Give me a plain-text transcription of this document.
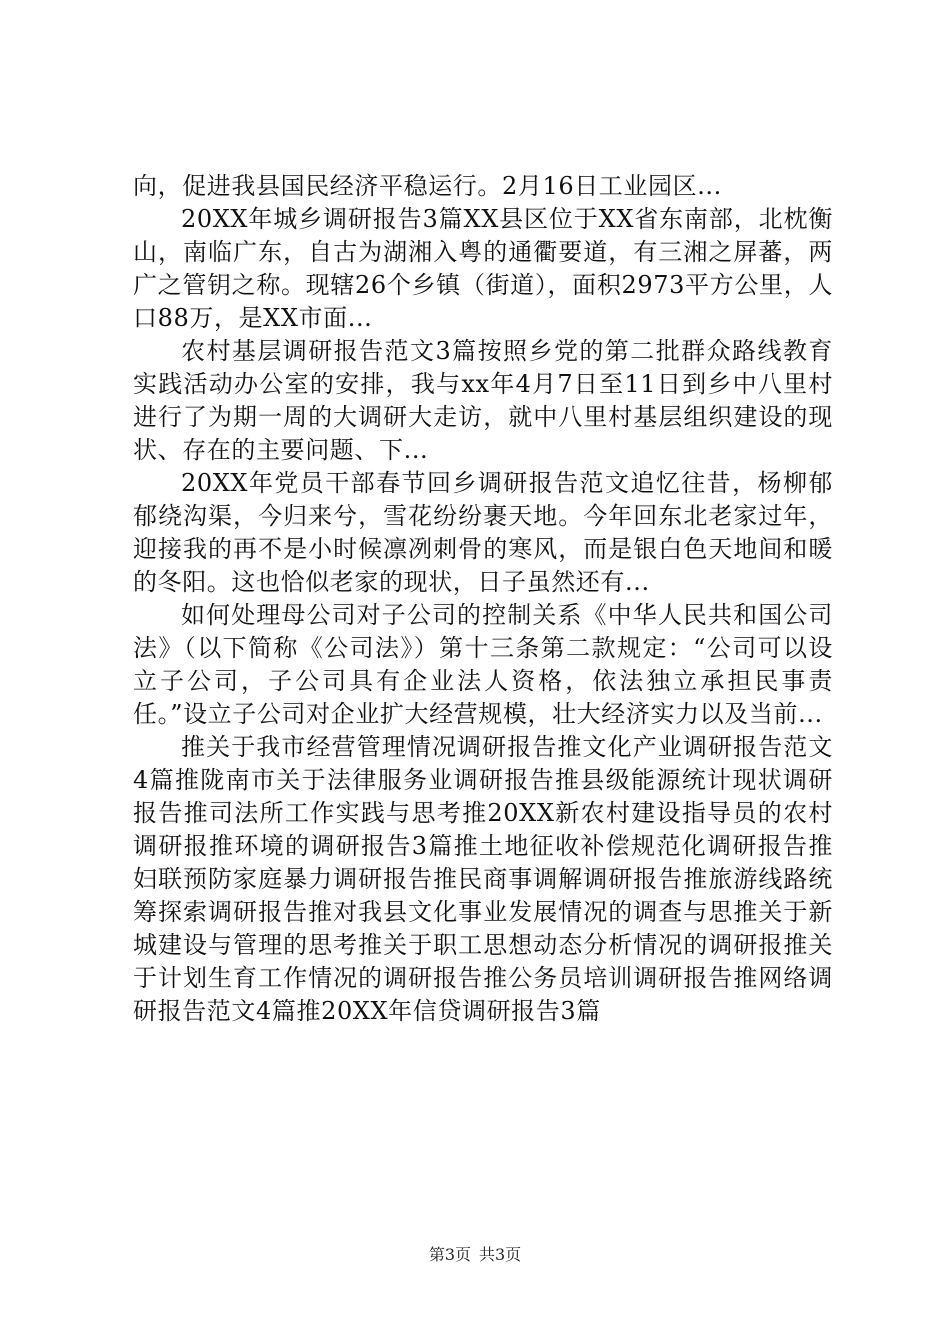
向，促进我县国民经济平稳运行。2月16日工业园区...

20XX年城乡调研报告3篇XX县区位于XX省东南部，北枕衡山，南临广东，自古为湖湘入粤的通衢要道，有三湘之屏蕃，两广之管钥之称。现辖26个乡镇（街道），面积2973平方公里，人口88万，是XX市面...

农村基层调研报告范文3篇按照乡党的第二批群众路线教育实践活动办公室的安排，我与xx年4月7日至11日到乡中八里村进行了为期一周的大调研大走访，就中八里村基层组织建设的现状、存在的主要问题、下...

20XX年党员干部春节回乡调研报告范文追忆往昔，杨柳郁郁绕沟渠，今归来兮，雪花纷纷裹天地。今年回东北老家过年，迎接我的再不是小时候凛冽刺骨的寒风，而是银白色天地间和暖的冬阳。这也恰似老家的现状，日子虽然还有...

如何处理母公司对子公司的控制关系《中华人民共和国公司法》（以下简称《公司法》）第十三条第二款规定：“公司可以设立子公司，子公司具有企业法人资格，依法独立承担民事责任。”设立子公司对企业扩大经营规模，壮大经济实力以及当前...

推关于我市经营管理情况调研报告推文化产业调研报告范文4篇推陇南市关于法律服务业调研报告推县级能源统计现状调研报告推司法所工作实践与思考推20XX新农村建设指导员的农村调研报推环境的调研报告3篇推土地征收补偿规范化调研报告推妇联预防家庭暴力调研报告推民商事调解调研报告推旅游线路统筹探索调研报告推对我县文化事业发展情况的调查与思推关于新城建设与管理的思考推关于职工思想动态分析情况的调研报推关于计划生育工作情况的调研报告推公务员培训调研报告推网络调研报告范文4篇推20XX年信贷调研报告3篇

第3页 共3页
